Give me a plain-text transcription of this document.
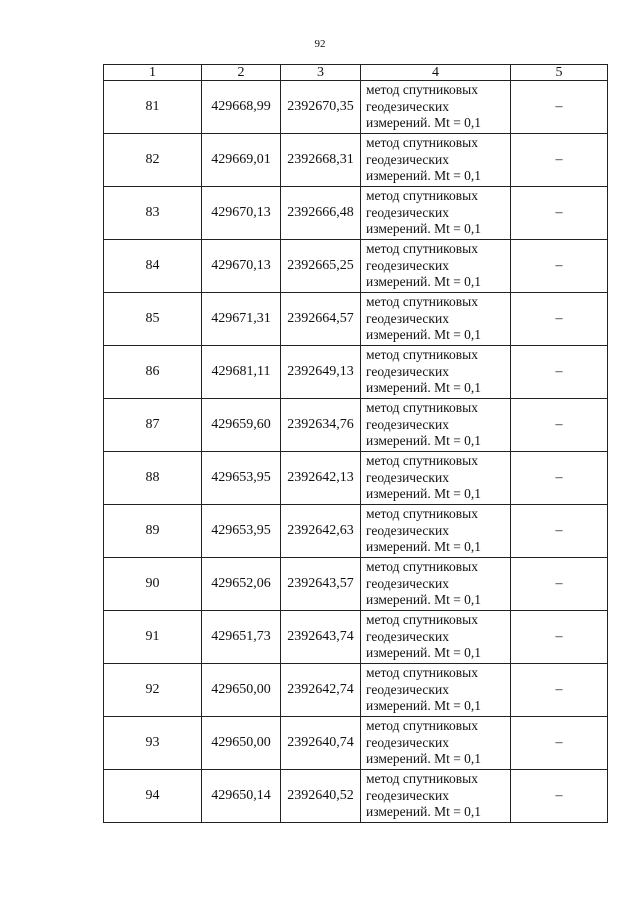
92
1	2	3	4	5
81	429668,99	2392670,35	метод спутниковых
геодезических
измерений. Mt = 0,1	–
82	429669,01	2392668,31	метод спутниковых
геодезических
измерений. Mt = 0,1	–
83	429670,13	2392666,48	метод спутниковых
геодезических
измерений. Mt = 0,1	–
84	429670,13	2392665,25	метод спутниковых
геодезических
измерений. Mt = 0,1	–
85	429671,31	2392664,57	метод спутниковых
геодезических
измерений. Mt = 0,1	–
86	429681,11	2392649,13	метод спутниковых
геодезических
измерений. Mt = 0,1	–
87	429659,60	2392634,76	метод спутниковых
геодезических
измерений. Mt = 0,1	–
88	429653,95	2392642,13	метод спутниковых
геодезических
измерений. Mt = 0,1	–
89	429653,95	2392642,63	метод спутниковых
геодезических
измерений. Mt = 0,1	–
90	429652,06	2392643,57	метод спутниковых
геодезических
измерений. Mt = 0,1	–
91	429651,73	2392643,74	метод спутниковых
геодезических
измерений. Mt = 0,1	–
92	429650,00	2392642,74	метод спутниковых
геодезических
измерений. Mt = 0,1	–
93	429650,00	2392640,74	метод спутниковых
геодезических
измерений. Mt = 0,1	–
94	429650,14	2392640,52	метод спутниковых
геодезических
измерений. Mt = 0,1	–
